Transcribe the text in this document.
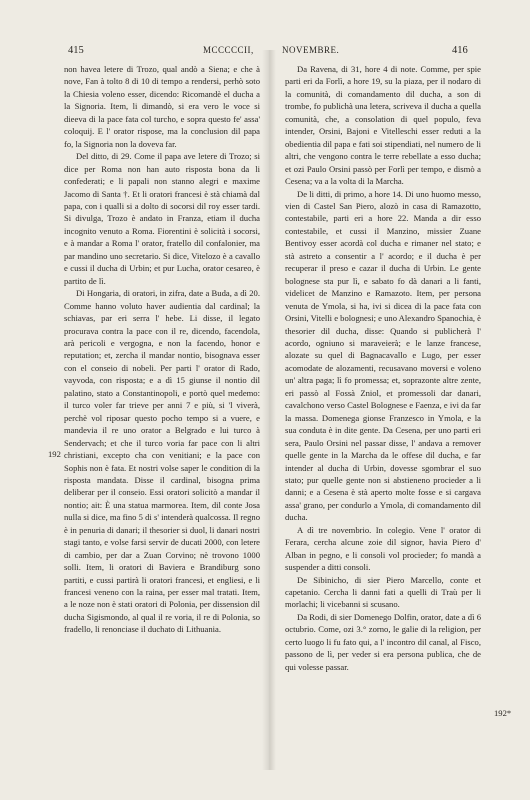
415	MCCCCCII,	NOVEMBRE.	416

non havea letere di Trozo, qual andò a Siena; e che à nove, Fan à tolto 8 di 10 di tempo a rendersi, perhò soto la Chiesia voleno esser, dicendo: Ricomandè el ducha a la Signoria. Item, li dimandò, si era vero le voce si dieeva di la pace fata col turcho, e sopra questo fe' assa' coloquij. E l' orator rispose, ma la conclusion dil papa fo, la Signoria non la doveva far.

Del ditto, di 29. Come il papa ave letere di Trozo; si dice per Roma non han auto risposta bona da li confederati; e li papali non stanno alegri e maxime Jacomo di Santa †. Et li oratori francesi è stà chiamà dal papa, con i qualli si a dolto di socorsi dil roy esser tardi. Si divulga, Trozo è andato in Franza, etiam il ducha incognito venuto a Roma. Fiorentini è solicità i socorsi, e à mandar a Roma l' orator, fratello dil confalonier, ma par mandino uno secretario. Si dice, Vitelozo è a cavallo e cussi il ducha di Urbin; et pur Lucha, orator cesareo, è partito de lì.

Di Hongaria, di oratori, in zifra, date a Buda, a dì 20. Comme hanno voluto haver audientia dal cardinal; la schiavas, par eri serra l' hebe. Li disse, il legato procurava contra la pace con il re, dicendo, facendola, arà pericoli e vergogna, e non la facendo, honor e reputation; et, zercha il mandar nontio, bisognava esser con el conseio di nobeli. Per parti l' orator di Rado, vayvoda, con risposta; e a dì 15 giunse il nontio dil palatino, stato a Constantinopoli, e portò quel medemo: il turco voler far trieve per anni 7 e più, si 'l viverà, perchè vol riposar questo pocho tempo si a vuere, e mandevia il re uno orator a Belgrado e lui turco à Sendervach; et che il turco voria far pace con li altri christiani, excepto cha con venitiani; e la pace con Sophis non è fata. Et nostri volse saper le condition di la risposta mandata. Disse il cardinal, bisogna prima deliberar per il conseio. Essi oratori solicitò a mandar il nontio; ait: È una statua marmorea. Item, dil conte Josa nulla si dice, ma fino 5 di s' intenderà qualcossa. Il regno è in penuria di danari; il thesorier si duol, li danari nostri stagi tanto, e volse farsi servir de ducati 2000, con letere di cambio, per dar a Zuan Corvino; nè trovono 1000 solli. Item, li oratori di Baviera e Brandiburg sono partiti, e cussi partirà li oratori francesi, et engliesi, e li francesi veneno con la raina, per esser mal tratati. Item, a le noze non è stati oratori di Polonia, per dissension dil ducha Sigismondo, al qual il re voria, il re di Polonia, so fradello, li renonciase il duchato di Lithuania.

Da Ravena, di 31, hore 4 di note. Comme, per spie parti eri da Forlì, a hore 19, su la piaza, per il nodaro di la comunità, di comandamento dil ducha, a son di trombe, fo publichà una letera, scriveva il ducha a quella comunità, che, a consolation di quel populo, feva intender, Orsini, Bajoni e Vitelleschi esser reduti a la obedientia dil papa e fati soi stipendiati, nel numero de li altri, che vengono contra le terre rebellate a esso ducha; et ozi Paulo Orsini passò per Forlì per tempo, e dismò a Cesena; va a la volta di la Marcha.

De li ditti, di primo, a hore 14. Di uno huomo messo, vien di Castel San Piero, alozò in casa di Ramazotto, contestabile, parti eri a hore 22. Manda a dir esso contestabile, et cussi il Manzino, missier Zuane Bentivoy esser acordà col ducha e rimaner nel stato; e stà astreto a consentir a l' acordo; e il ducha è per recuperar il preso e cazar il ducha di Urbin. Le gente bolognese sta pur lì, e sabato fo dà danari a li fanti, videlicet de Manzino e Ramazoto. Item, per persona venuta de Ymola, si ha, ivi si dicea di la pace fata con Orsini, Vitelli e bolognesi; e uno Alexandro Spanochia, è thesorier dil ducha, disse: Quando si publicherà l' acordo, ogniuno si maraveierà; e le lanze francese, alozate su quel di Bagnacavallo e Lugo, per esser acomodate de alozamenti, recusavano moversi e voleno un' altra paga; lì fo promessa; et, soprazonte altre zente, eri passò al Fossà Zniol, et promessoli dar danari, cavalchono verso Castel Bolognese e Faenza, e ivi da far la massa. Domenega gionse Franzesco in Ymola, e la sua conduta è in dite gente. Da Cesena, per uno parti eri sera, Paulo Orsini nel passar disse, l' andava a remover quelle gente in la Marcha da le offese dil ducha, e far intender al ducha di Urbin, dovesse sgombrar el suo stato; pur quelle gente non si abstieneno procieder a li danni; e a Cesena è stà aperto molte fosse e si cargava assa' grano, per condurlo a Ymola, di comandamento dil ducha.

A dì tre novembrio. In colegio. Vene l' orator di Ferara, cercha alcune zoie dil signor, havia Piero d' Alban in pegno, e li consoli vol procieder; fo mandà a suspender a ditti consoli.

De Sibinicho, di sier Piero Marcello, conte et capetanio. Cercha li danni fati a quelli di Traù per li morlachi; li vicebanni si scusano.

Da Rodi, di sier Domenego Dolfin, orator, date a dì 6 octubrio. Come, ozi 3.° zorno, le galie di la religion, per certo luogo li fu fato qui, a l' incontro dil canal, al Fisco, passono de lì, per veder si era persona publica, che de qui volesse passar.

192
192*
